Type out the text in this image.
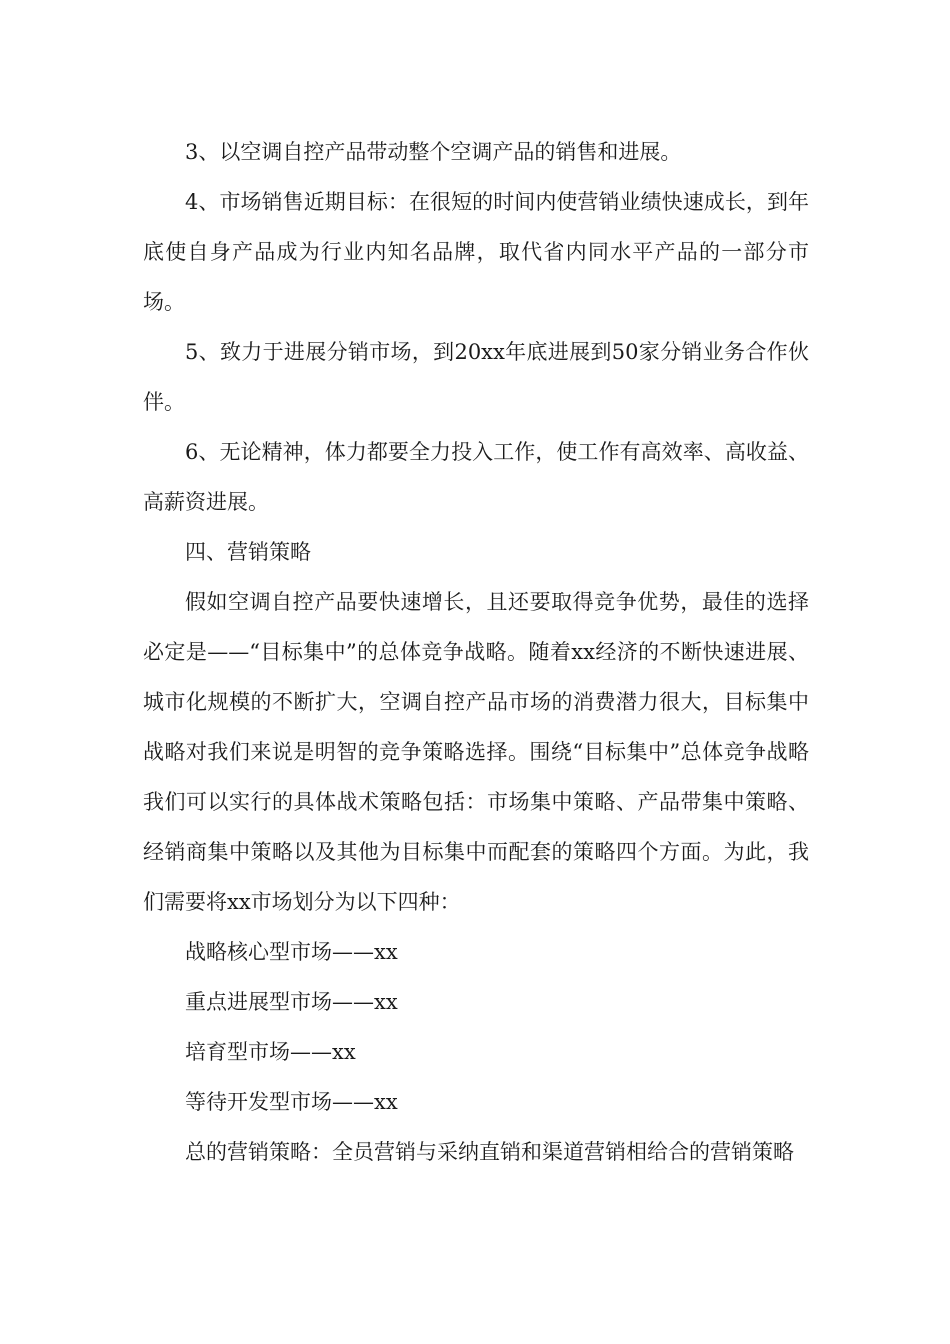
3、以空调自控产品带动整个空调产品的销售和进展。

4、市场销售近期目标：在很短的时间内使营销业绩快速成长，到年底使自身产品成为行业内知名品牌，取代省内同水平产品的一部分市场。

5、致力于进展分销市场，到20xx年底进展到50家分销业务合作伙伴。

6、无论精神，体力都要全力投入工作，使工作有高效率、高收益、高薪资进展。

四、营销策略

假如空调自控产品要快速增长，且还要取得竞争优势，最佳的选择必定是——“目标集中”的总体竞争战略。随着xx经济的不断快速进展、城市化规模的不断扩大，空调自控产品市场的消费潜力很大，目标集中战略对我们来说是明智的竞争策略选择。围绕“目标集中”总体竞争战略我们可以实行的具体战术策略包括：市场集中策略、产品带集中策略、经销商集中策略以及其他为目标集中而配套的策略四个方面。为此，我们需要将xx市场划分为以下四种：

战略核心型市场——xx

重点进展型市场——xx

培育型市场——xx

等待开发型市场——xx

总的营销策略：全员营销与采纳直销和渠道营销相给合的营销策略
